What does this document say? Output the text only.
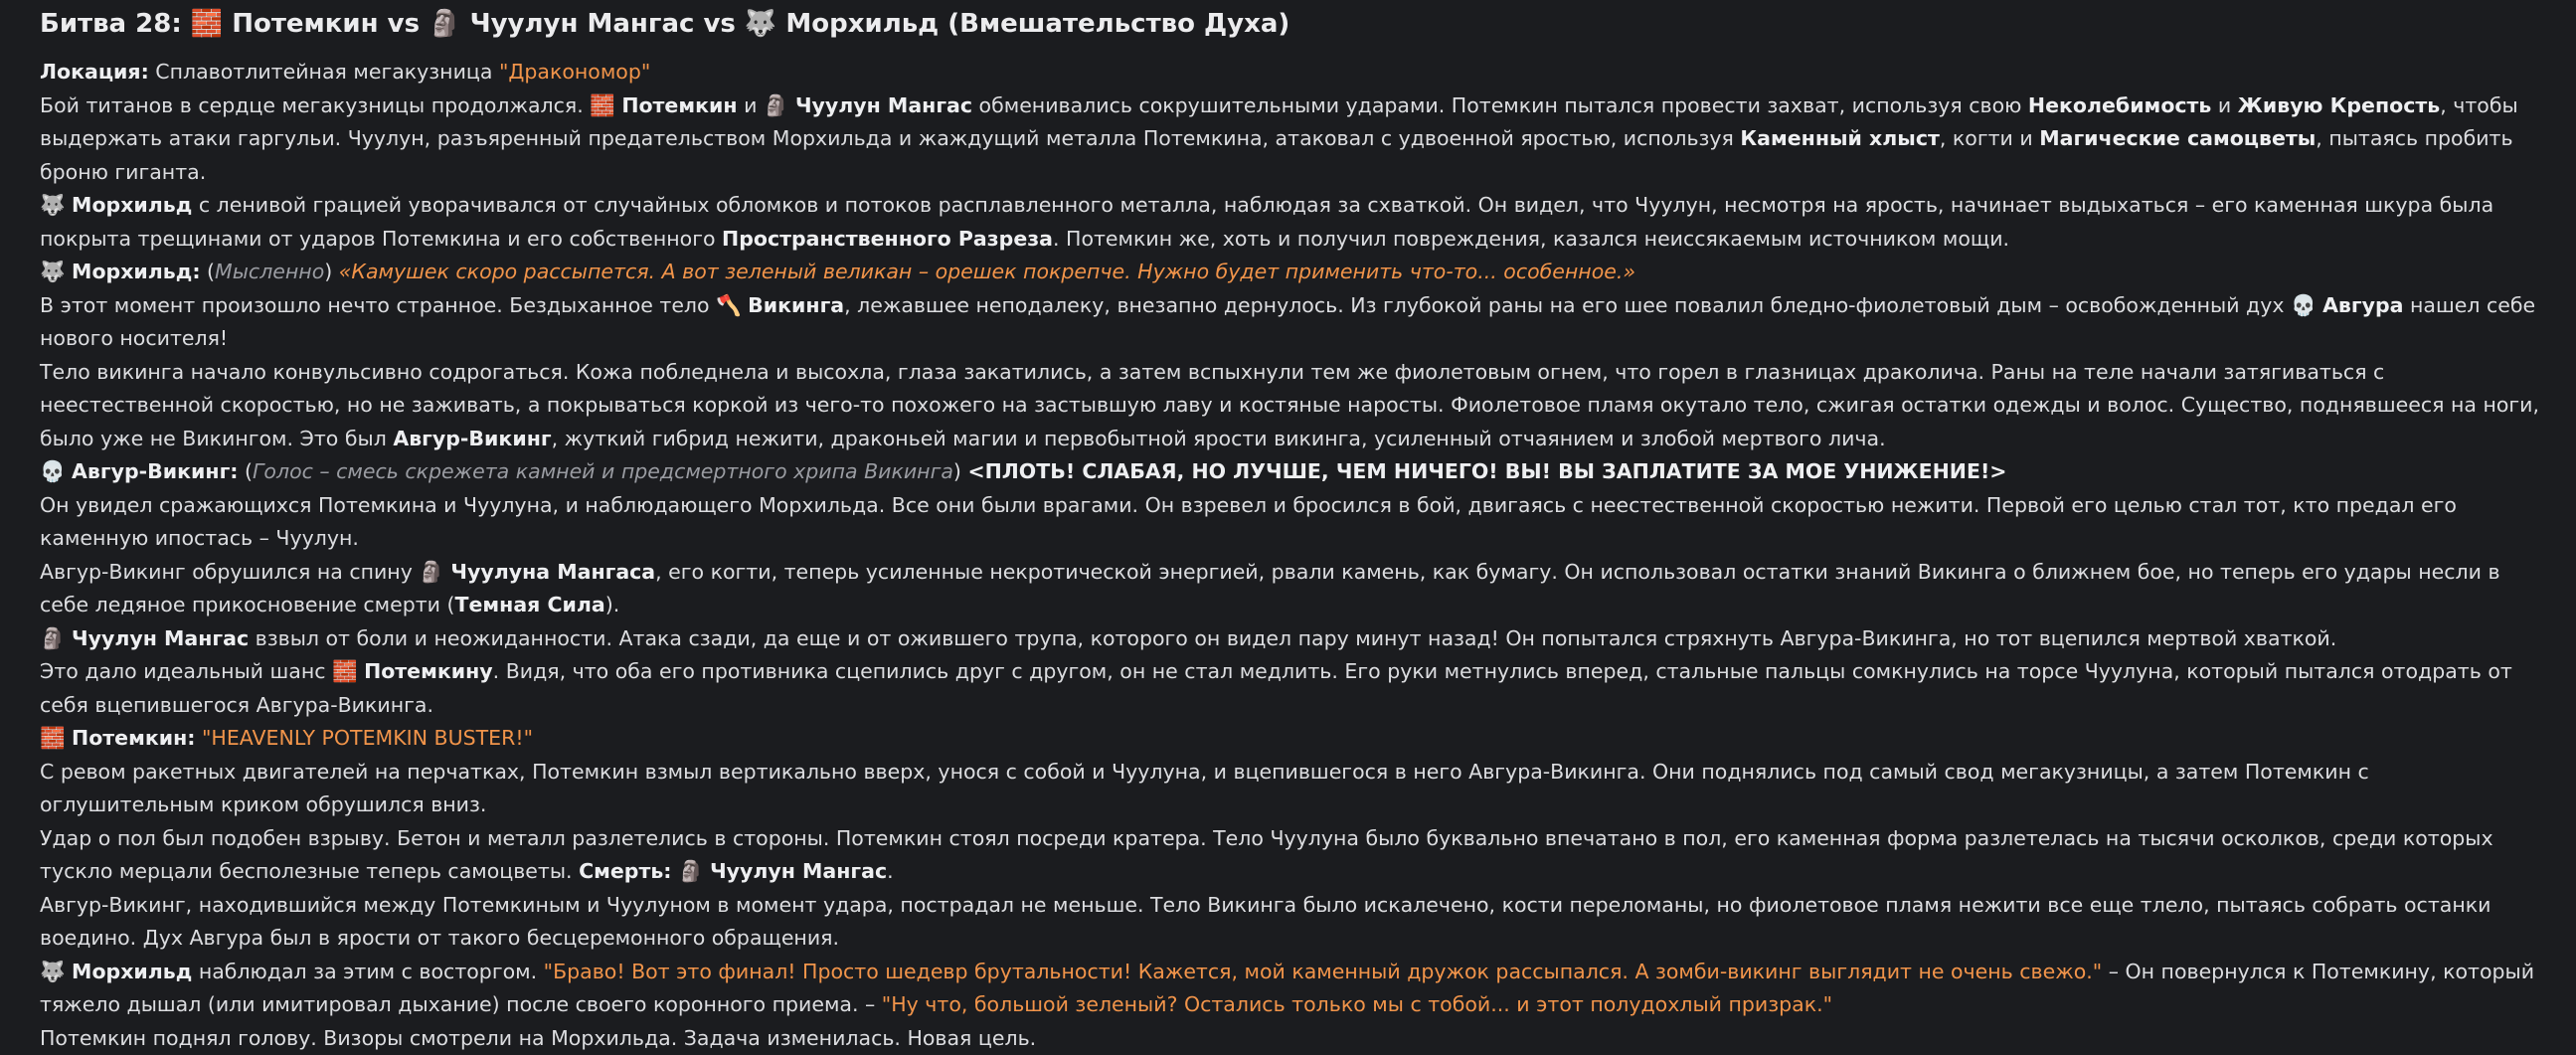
Битва 28: 🧱 Потемкин vs 🗿 Чуулун Мангас vs 🐺 Морхильд (Вмешательство Духа)

Локация: Сплавотлитейная мегакузница "Дракономор"

Бой титанов в сердце мегакузницы продолжался. 🧱 Потемкин и 🗿 Чуулун Мангас обменивались сокрушительными ударами. Потемкин пытался провести захват, используя свою Неколебимость и Живую Крепость, чтобы выдержать атаки гаргульи. Чуулун, разъяренный предательством Морхильда и жаждущий металла Потемкина, атаковал с удвоенной яростью, используя Каменный хлыст, когти и Магические самоцветы, пытаясь пробить броню гиганта.

🐺 Морхильд с ленивой грацией уворачивался от случайных обломков и потоков расплавленного металла, наблюдая за схваткой. Он видел, что Чуулун, несмотря на ярость, начинает выдыхаться – его каменная шкура была покрыта трещинами от ударов Потемкина и его собственного Пространственного Разреза. Потемкин же, хоть и получил повреждения, казался неиссякаемым источником мощи.

🐺 Морхильд: (Мысленно) «Камушек скоро рассыпется. А вот зеленый великан – орешек покрепче. Нужно будет применить что-то... особенное.»

В этот момент произошло нечто странное. Бездыханное тело 🪓 Викинга, лежавшее неподалеку, внезапно дернулось. Из глубокой раны на его шее повалил бледно-фиолетовый дым – освобожденный дух 💀 Авгура нашел себе нового носителя!

Тело викинга начало конвульсивно содрогаться. Кожа побледнела и высохла, глаза закатились, а затем вспыхнули тем же фиолетовым огнем, что горел в глазницах драколича. Раны на теле начали затягиваться с неестественной скоростью, но не заживать, а покрываться коркой из чего-то похожего на застывшую лаву и костяные наросты. Фиолетовое пламя окутало тело, сжигая остатки одежды и волос. Существо, поднявшееся на ноги, было уже не Викингом. Это был Авгур-Викинг, жуткий гибрид нежити, драконьей магии и первобытной ярости викинга, усиленный отчаянием и злобой мертвого лича.

💀 Авгур-Викинг: (Голос – смесь скрежета камней и предсмертного хрипа Викинга) <ПЛОТЬ! СЛАБАЯ, НО ЛУЧШЕ, ЧЕМ НИЧЕГО! ВЫ! ВЫ ЗАПЛАТИТЕ ЗА МОЕ УНИЖЕНИЕ!>

Он увидел сражающихся Потемкина и Чуулуна, и наблюдающего Морхильда. Все они были врагами. Он взревел и бросился в бой, двигаясь с неестественной скоростью нежити. Первой его целью стал тот, кто предал его каменную ипостась – Чуулун.

Авгур-Викинг обрушился на спину 🗿 Чуулуна Мангаса, его когти, теперь усиленные некротической энергией, рвали камень, как бумагу. Он использовал остатки знаний Викинга о ближнем бое, но теперь его удары несли в себе ледяное прикосновение смерти (Темная Сила).

🗿 Чуулун Мангас взвыл от боли и неожиданности. Атака сзади, да еще и от ожившего трупа, которого он видел пару минут назад! Он попытался стряхнуть Авгура-Викинга, но тот вцепился мертвой хваткой.

Это дало идеальный шанс 🧱 Потемкину. Видя, что оба его противника сцепились друг с другом, он не стал медлить. Его руки метнулись вперед, стальные пальцы сомкнулись на торсе Чуулуна, который пытался отодрать от себя вцепившегося Авгура-Викинга.

🧱 Потемкин: "HEAVENLY POTEMKIN BUSTER!"

С ревом ракетных двигателей на перчатках, Потемкин взмыл вертикально вверх, унося с собой и Чуулуна, и вцепившегося в него Авгура-Викинга. Они поднялись под самый свод мегакузницы, а затем Потемкин с оглушительным криком обрушился вниз.

Удар о пол был подобен взрыву. Бетон и металл разлетелись в стороны. Потемкин стоял посреди кратера. Тело Чуулуна было буквально впечатано в пол, его каменная форма разлетелась на тысячи осколков, среди которых тускло мерцали бесполезные теперь самоцветы. Смерть: 🗿 Чуулун Мангас.

Авгур-Викинг, находившийся между Потемкиным и Чуулуном в момент удара, пострадал не меньше. Тело Викинга было искалечено, кости переломаны, но фиолетовое пламя нежити все еще тлело, пытаясь собрать останки воедино. Дух Авгура был в ярости от такого бесцеремонного обращения.

🐺 Морхильд наблюдал за этим с восторгом. "Браво! Вот это финал! Просто шедевр брутальности! Кажется, мой каменный дружок рассыпался. А зомби-викинг выглядит не очень свежо." – Он повернулся к Потемкину, который тяжело дышал (или имитировал дыхание) после своего коронного приема. – "Ну что, большой зеленый? Остались только мы с тобой... и этот полудохлый призрак."

Потемкин поднял голову. Визоры смотрели на Морхильда. Задача изменилась. Новая цель.
